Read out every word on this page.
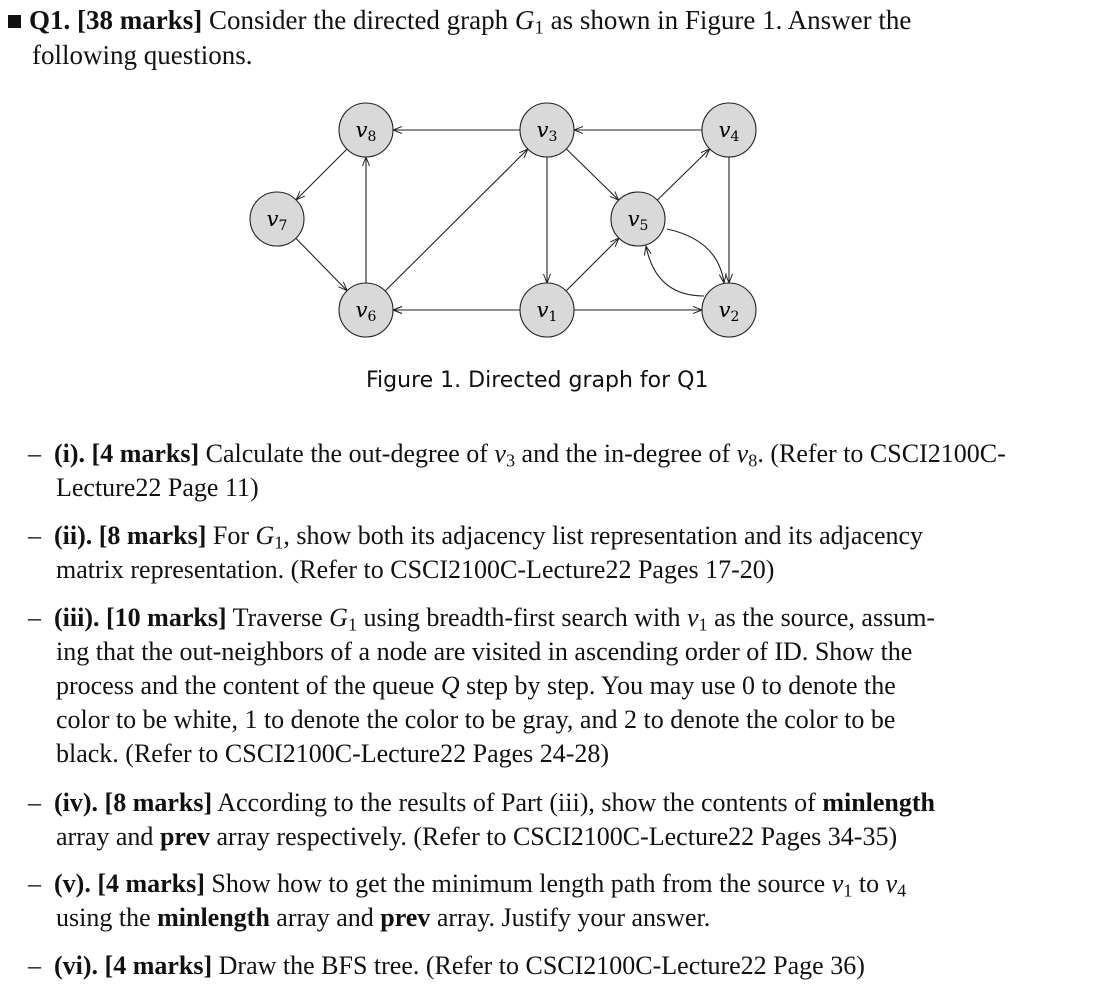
Q1. [38 marks] Consider the directed graph $G_1$ as shown in Figure 1. Answer the
following questions.
v1	v2
v3	v4
v5
v6
v7
v8
Figure 1. Directed graph for Q1
– (i). [4 marks] Calculate the out-degree of $v_3$ and the in-degree of $v_8$. (Refer to CSCI2100C-
Lecture22 Page 11)
– (ii). [8 marks] For $G_1$, show both its adjacency list representation and its adjacency
matrix representation. (Refer to CSCI2100C-Lecture22 Pages 17-20)
– (iii). [10 marks] Traverse $G_1$ using breadth-first search with $v_1$ as the source, assum-
ing that the out-neighbors of a node are visited in ascending order of ID. Show the
process and the content of the queue Q step by step. You may use 0 to denote the
color to be white, 1 to denote the color to be gray, and 2 to denote the color to be
black. (Refer to CSCI2100C-Lecture22 Pages 24-28)
– (iv). [8 marks] According to the results of Part (iii), show the contents of minlength
array and prev array respectively. (Refer to CSCI2100C-Lecture22 Pages 34-35)
– (v). [4 marks] Show how to get the minimum length path from the source $v_1$ to $v_4$
using the minlength array and prev array. Justify your answer.
– (vi). [4 marks] Draw the BFS tree. (Refer to CSCI2100C-Lecture22 Page 36)
